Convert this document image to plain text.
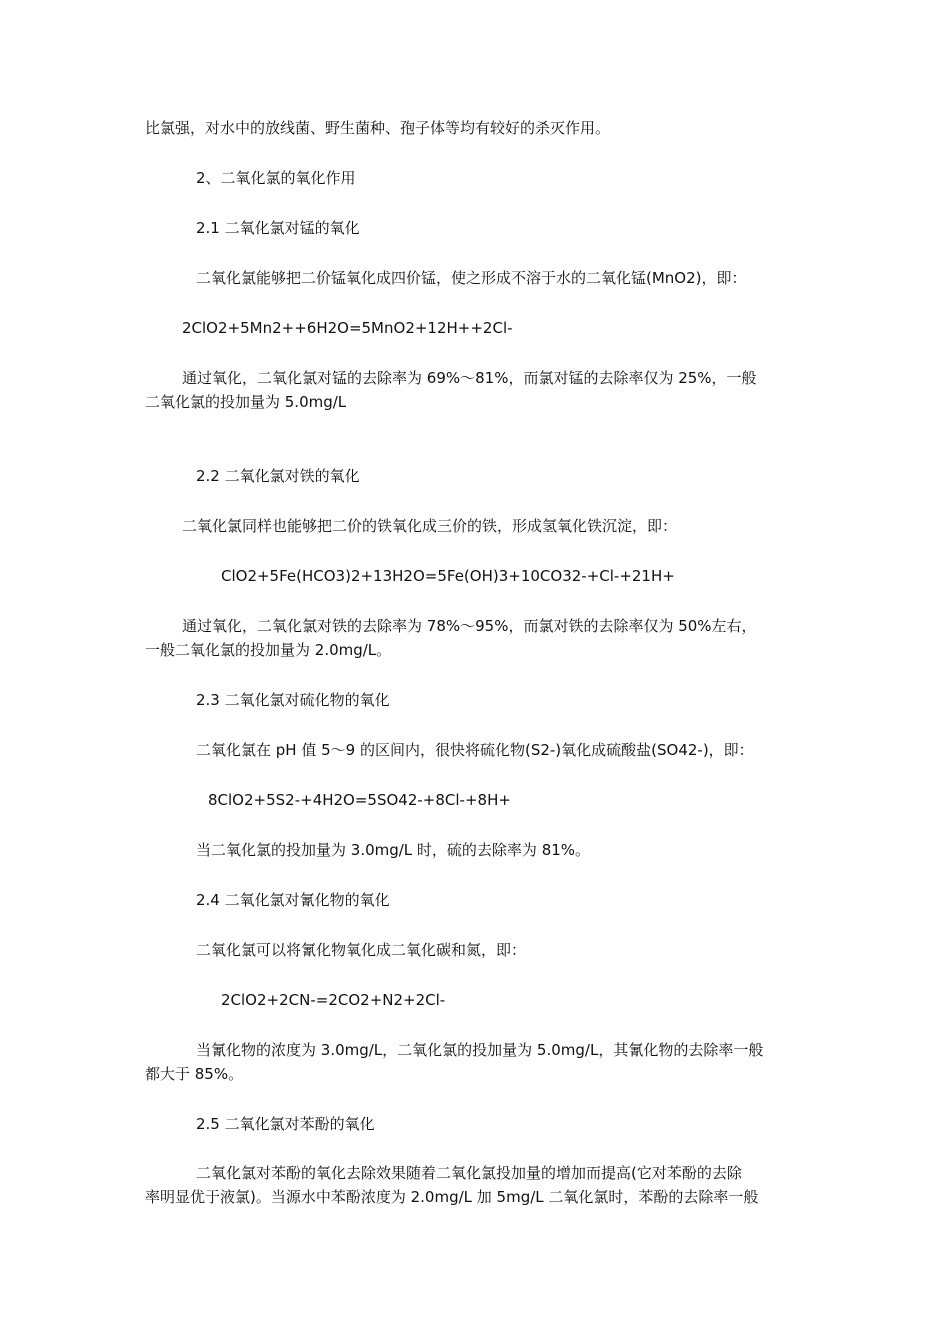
比氯强，对水中的放线菌、野生菌种、孢子体等均有较好的杀灭作用。
2、二氧化氯的氧化作用
2.1 二氧化氯对锰的氧化
二氧化氯能够把二价锰氧化成四价锰，使之形成不溶于水的二氧化锰(MnO2)，即：
2ClO2+5Mn2++6H2O=5MnO2+12H++2Cl-
通过氧化，二氧化氯对锰的去除率为 69%～81%，而氯对锰的去除率仅为 25%，一般
二氧化氯的投加量为 5.0mg/L
2.2 二氧化氯对铁的氧化
二氧化氯同样也能够把二价的铁氧化成三价的铁，形成氢氧化铁沉淀，即：
ClO2+5Fe(HCO3)2+13H2O=5Fe(OH)3+10CO32-+Cl-+21H+
通过氧化，二氧化氯对铁的去除率为 78%～95%，而氯对铁的去除率仅为 50%左右，
一般二氧化氯的投加量为 2.0mg/L。
2.3 二氧化氯对硫化物的氧化
二氧化氯在 pH 值 5～9 的区间内，很快将硫化物(S2-)氧化成硫酸盐(SO42-)，即：
8ClO2+5S2-+4H2O=5SO42-+8Cl-+8H+
当二氧化氯的投加量为 3.0mg/L 时，硫的去除率为 81%。
2.4 二氧化氯对氰化物的氧化
二氧化氯可以将氰化物氧化成二氧化碳和氮，即：
2ClO2+2CN-=2CO2+N2+2Cl-
当氰化物的浓度为 3.0mg/L，二氧化氯的投加量为 5.0mg/L，其氰化物的去除率一般
都大于 85%。
2.5 二氧化氯对苯酚的氧化
二氧化氯对苯酚的氧化去除效果随着二氧化氯投加量的增加而提高(它对苯酚的去除
率明显优于液氯)。当源水中苯酚浓度为 2.0mg/L 加 5mg/L 二氧化氯时，苯酚的去除率一般
